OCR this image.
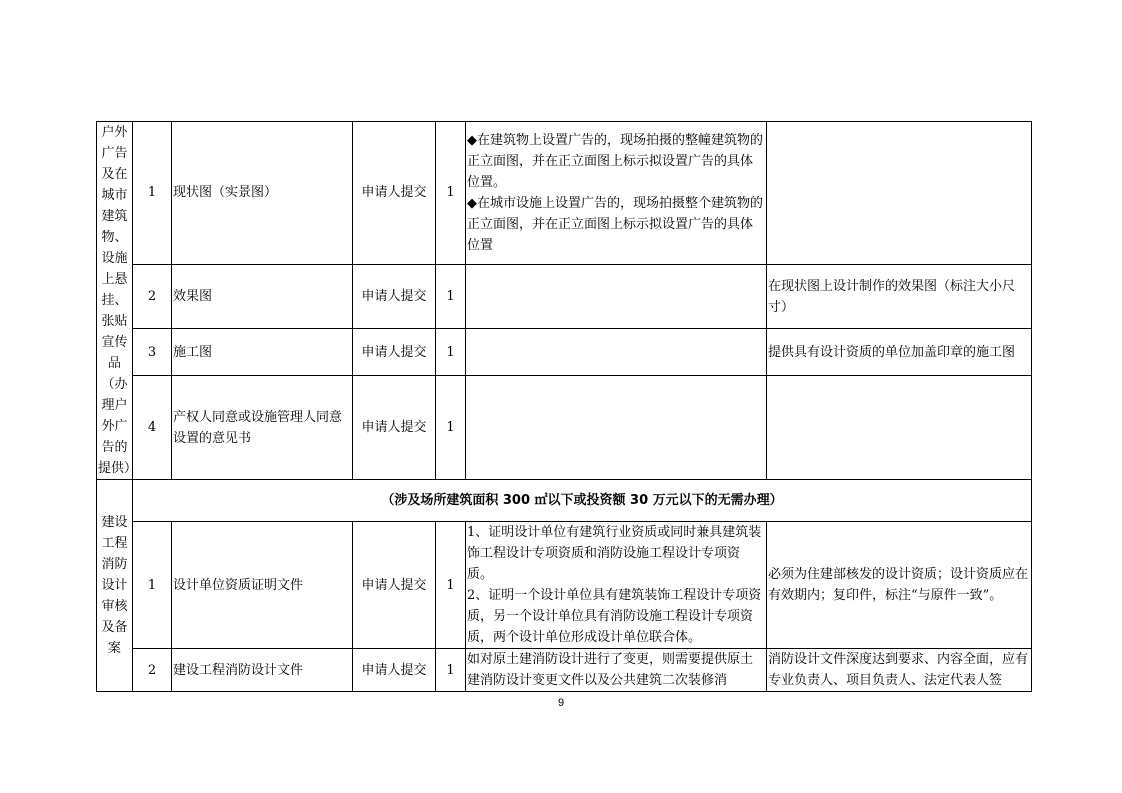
户外广告及在城市建筑物、设施上悬挂、张贴宣传品（办理户外广告的提供）	1	现状图（实景图）	申请人提交	1	◆在建筑物上设置广告的，现场拍摄的整幢建筑物的正立面图，并在正立面图上标示拟设置广告的具体位置。
◆在城市设施上设置广告的，现场拍摄整个建筑物的正立面图，并在正立面图上标示拟设置广告的具体位置	

	2	效果图	申请人提交	1		在现状图上设计制作的效果图（标注大小尺寸）
	3	施工图	申请人提交	1		提供具有设计资质的单位加盖印章的施工图
	4	产权人同意或设施管理人同意设置的意见书	申请人提交	1		
建设工程消防设计审核及备案	（涉及场所建筑面积 300 ㎡以下或投资额 30 万元以下的无需办理）					
	1	设计单位资质证明文件	申请人提交	1	1、证明设计单位有建筑行业资质或同时兼具建筑装饰工程设计专项资质和消防设施工程设计专项资质。
2、证明一个设计单位具有建筑装饰工程设计专项资质，另一个设计单位具有消防设施工程设计专项资质，两个设计单位形成设计单位联合体。	必须为住建部核发的设计资质；设计资质应在有效期内；复印件，标注“与原件一致”。
	2	建设工程消防设计文件	申请人提交	1	如对原土建消防设计进行了变更，则需要提供原土建消防设计变更文件以及公共建筑二次装修消	消防设计文件深度达到要求、内容全面，应有专业负责人、项目负责人、法定代表人签
9
